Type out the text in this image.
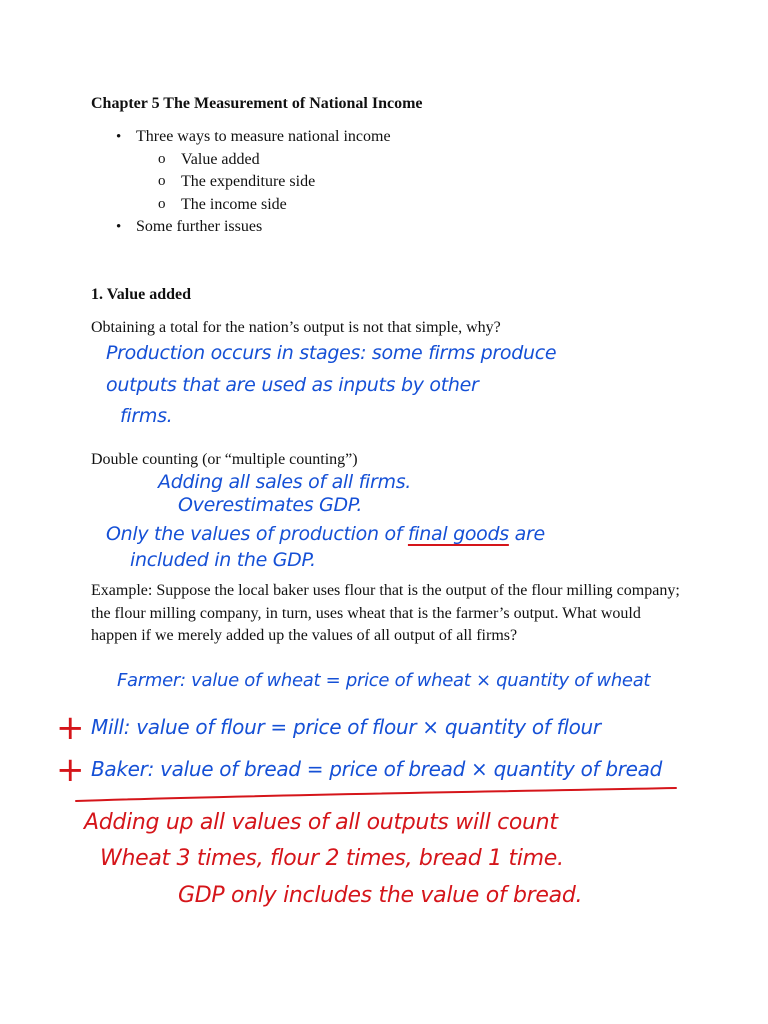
Chapter 5 The Measurement of National Income
• Three ways to measure national income
o Value added
o The expenditure side
o The income side
• Some further issues
1. Value added
Obtaining a total for the nation’s output is not that simple, why?
Production occurs in stages: some firms produce
outputs that are used as inputs by other
firms.
Double counting (or “multiple counting”)
Adding all sales of all firms.
Overestimates GDP.
Only the values of production of final goods are
included in the GDP.
Example: Suppose the local baker uses flour that is the output of the flour milling company; the flour milling company, in turn, uses wheat that is the farmer’s output. What would happen if we merely added up the values of all output of all firms?
Farmer: value of wheat = price of wheat × quantity of wheat
+ Mill: value of flour = price of flour × quantity of flour
+ Baker: value of bread = price of bread × quantity of bread
Adding up all values of all outputs will count
Wheat 3 times, flour 2 times, bread 1 time.
GDP only includes the value of bread.
